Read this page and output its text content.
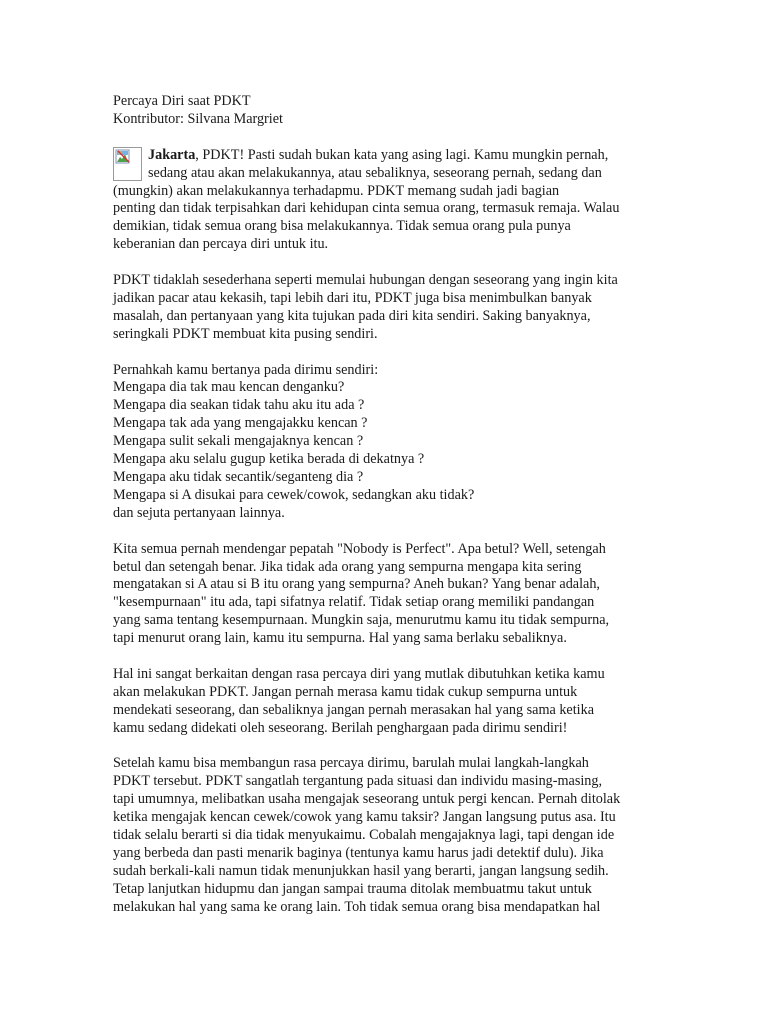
Percaya Diri saat PDKT
Kontributor: Silvana Margriet
Jakarta, PDKT! Pasti sudah bukan kata yang asing lagi. Kamu mungkin pernah,
sedang atau akan melakukannya, atau sebaliknya, seseorang pernah, sedang dan
(mungkin) akan melakukannya terhadapmu. PDKT memang sudah jadi bagian
penting dan tidak terpisahkan dari kehidupan cinta semua orang, termasuk remaja. Walau
demikian, tidak semua orang bisa melakukannya. Tidak semua orang pula punya
keberanian dan percaya diri untuk itu.
PDKT tidaklah sesederhana seperti memulai hubungan dengan seseorang yang ingin kita
jadikan pacar atau kekasih, tapi lebih dari itu, PDKT juga bisa menimbulkan banyak
masalah, dan pertanyaan yang kita tujukan pada diri kita sendiri. Saking banyaknya,
seringkali PDKT membuat kita pusing sendiri.
Pernahkah kamu bertanya pada dirimu sendiri:
Mengapa dia tak mau kencan denganku?
Mengapa dia seakan tidak tahu aku itu ada ?
Mengapa tak ada yang mengajakku kencan ?
Mengapa sulit sekali mengajaknya kencan ?
Mengapa aku selalu gugup ketika berada di dekatnya ?
Mengapa aku tidak secantik/seganteng dia ?
Mengapa si A disukai para cewek/cowok, sedangkan aku tidak?
dan sejuta pertanyaan lainnya.
Kita semua pernah mendengar pepatah "Nobody is Perfect". Apa betul? Well, setengah
betul dan setengah benar. Jika tidak ada orang yang sempurna mengapa kita sering
mengatakan si A atau si B itu orang yang sempurna? Aneh bukan? Yang benar adalah,
"kesempurnaan" itu ada, tapi sifatnya relatif. Tidak setiap orang memiliki pandangan
yang sama tentang kesempurnaan. Mungkin saja, menurutmu kamu itu tidak sempurna,
tapi menurut orang lain, kamu itu sempurna. Hal yang sama berlaku sebaliknya.
Hal ini sangat berkaitan dengan rasa percaya diri yang mutlak dibutuhkan ketika kamu
akan melakukan PDKT. Jangan pernah merasa kamu tidak cukup sempurna untuk
mendekati seseorang, dan sebaliknya jangan pernah merasakan hal yang sama ketika
kamu sedang didekati oleh seseorang. Berilah penghargaan pada dirimu sendiri!
Setelah kamu bisa membangun rasa percaya dirimu, barulah mulai langkah-langkah
PDKT tersebut. PDKT sangatlah tergantung pada situasi dan individu masing-masing,
tapi umumnya, melibatkan usaha mengajak seseorang untuk pergi kencan. Pernah ditolak
ketika mengajak kencan cewek/cowok yang kamu taksir? Jangan langsung putus asa. Itu
tidak selalu berarti si dia tidak menyukaimu. Cobalah mengajaknya lagi, tapi dengan ide
yang berbeda dan pasti menarik baginya (tentunya kamu harus jadi detektif dulu). Jika
sudah berkali-kali namun tidak menunjukkan hasil yang berarti, jangan langsung sedih.
Tetap lanjutkan hidupmu dan jangan sampai trauma ditolak membuatmu takut untuk
melakukan hal yang sama ke orang lain. Toh tidak semua orang bisa mendapatkan hal
